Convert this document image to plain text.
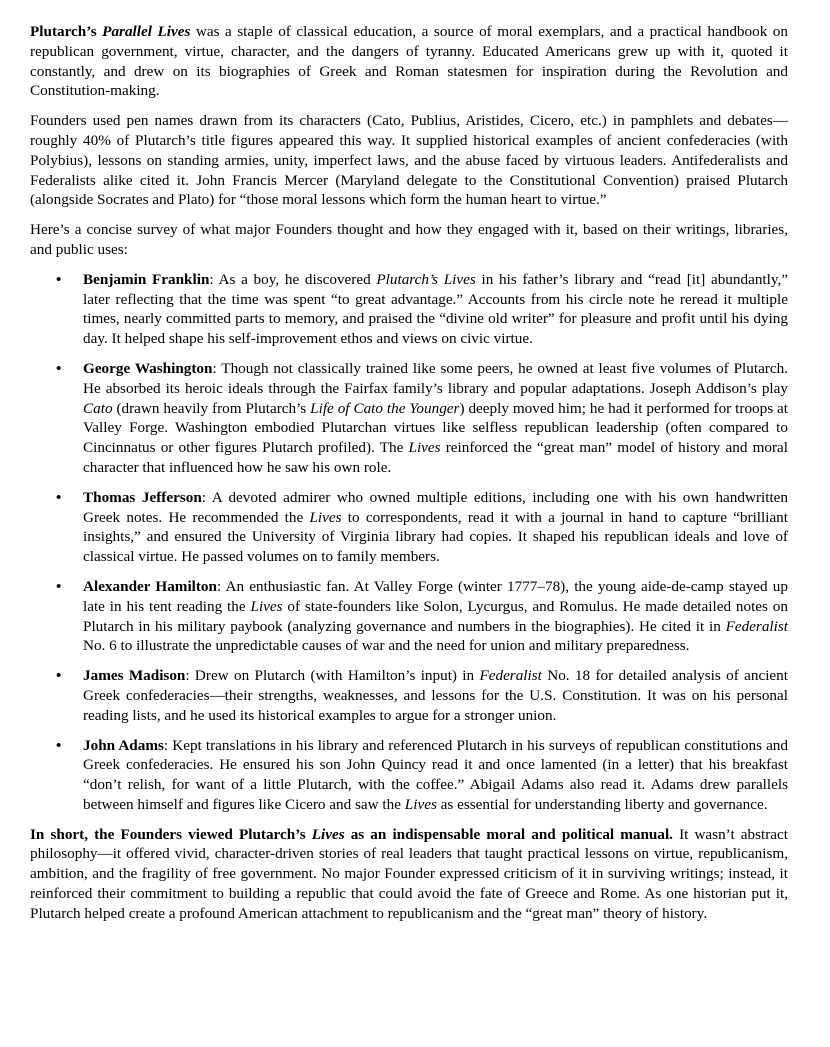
Plutarch’s Parallel Lives was a staple of classical education, a source of moral exemplars, and a practical handbook on republican government, virtue, character, and the dangers of tyranny. Educated Americans grew up with it, quoted it constantly, and drew on its biographies of Greek and Roman statesmen for inspiration during the Revolution and Constitution-making.

Founders used pen names drawn from its characters (Cato, Publius, Aristides, Cicero, etc.) in pamphlets and debates—roughly 40% of Plutarch’s title figures appeared this way. It supplied historical examples of ancient confederacies (with Polybius), lessons on standing armies, unity, imperfect laws, and the abuse faced by virtuous leaders. Antifederalists and Federalists alike cited it. John Francis Mercer (Maryland delegate to the Constitutional Convention) praised Plutarch (alongside Socrates and Plato) for “those moral lessons which form the human heart to virtue.”

Here’s a concise survey of what major Founders thought and how they engaged with it, based on their writings, libraries, and public uses:

• Benjamin Franklin: As a boy, he discovered Plutarch’s Lives in his father’s library and “read [it] abundantly,” later reflecting that the time was spent “to great advantage.” Accounts from his circle note he reread it multiple times, nearly committed parts to memory, and praised the “divine old writer” for pleasure and profit until his dying day. It helped shape his self-improvement ethos and views on civic virtue.
• George Washington: Though not classically trained like some peers, he owned at least five volumes of Plutarch. He absorbed its heroic ideals through the Fairfax family’s library and popular adaptations. Joseph Addison’s play Cato (drawn heavily from Plutarch’s Life of Cato the Younger) deeply moved him; he had it performed for troops at Valley Forge. Washington embodied Plutarchan virtues like selfless republican leadership (often compared to Cincinnatus or other figures Plutarch profiled). The Lives reinforced the “great man” model of history and moral character that influenced how he saw his own role.
• Thomas Jefferson: A devoted admirer who owned multiple editions, including one with his own handwritten Greek notes. He recommended the Lives to correspondents, read it with a journal in hand to capture “brilliant insights,” and ensured the University of Virginia library had copies. It shaped his republican ideals and love of classical virtue. He passed volumes on to family members.
• Alexander Hamilton: An enthusiastic fan. At Valley Forge (winter 1777–78), the young aide-de-camp stayed up late in his tent reading the Lives of state-founders like Solon, Lycurgus, and Romulus. He made detailed notes on Plutarch in his military paybook (analyzing governance and numbers in the biographies). He cited it in Federalist No. 6 to illustrate the unpredictable causes of war and the need for union and military preparedness.
• James Madison: Drew on Plutarch (with Hamilton’s input) in Federalist No. 18 for detailed analysis of ancient Greek confederacies—their strengths, weaknesses, and lessons for the U.S. Constitution. It was on his personal reading lists, and he used its historical examples to argue for a stronger union.
• John Adams: Kept translations in his library and referenced Plutarch in his surveys of republican constitutions and Greek confederacies. He ensured his son John Quincy read it and once lamented (in a letter) that his breakfast “don’t relish, for want of a little Plutarch, with the coffee.” Abigail Adams also read it. Adams drew parallels between himself and figures like Cicero and saw the Lives as essential for understanding liberty and governance.

In short, the Founders viewed Plutarch’s Lives as an indispensable moral and political manual. It wasn’t abstract philosophy—it offered vivid, character-driven stories of real leaders that taught practical lessons on virtue, republicanism, ambition, and the fragility of free government. No major Founder expressed criticism of it in surviving writings; instead, it reinforced their commitment to building a republic that could avoid the fate of Greece and Rome. As one historian put it, Plutarch helped create a profound American attachment to republicanism and the “great man” theory of history.
